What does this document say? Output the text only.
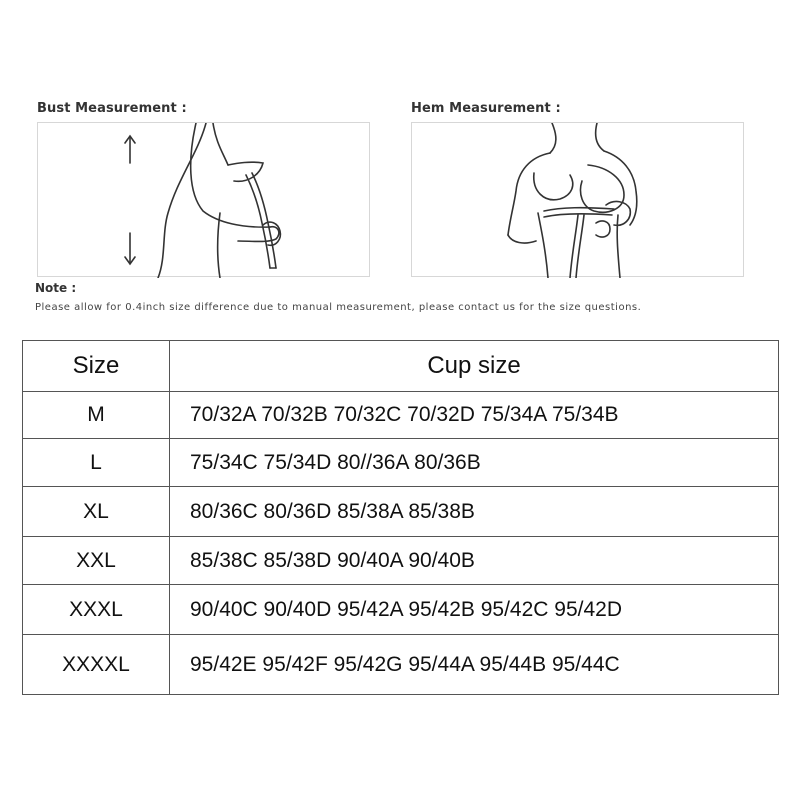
Bust Measurement :	Hem Measurement :
Note :
Please allow for 0.4inch size difference due to manual measurement, please contact us for the size questions.
Size	Cup size
M	70/32A 70/32B 70/32C 70/32D 75/34A 75/34B
L	75/34C 75/34D 80//36A 80/36B
XL	80/36C 80/36D 85/38A 85/38B
XXL	85/38C 85/38D 90/40A 90/40B
XXXL	90/40C 90/40D 95/42A 95/42B 95/42C 95/42D
XXXXL	95/42E 95/42F 95/42G 95/44A 95/44B 95/44C
